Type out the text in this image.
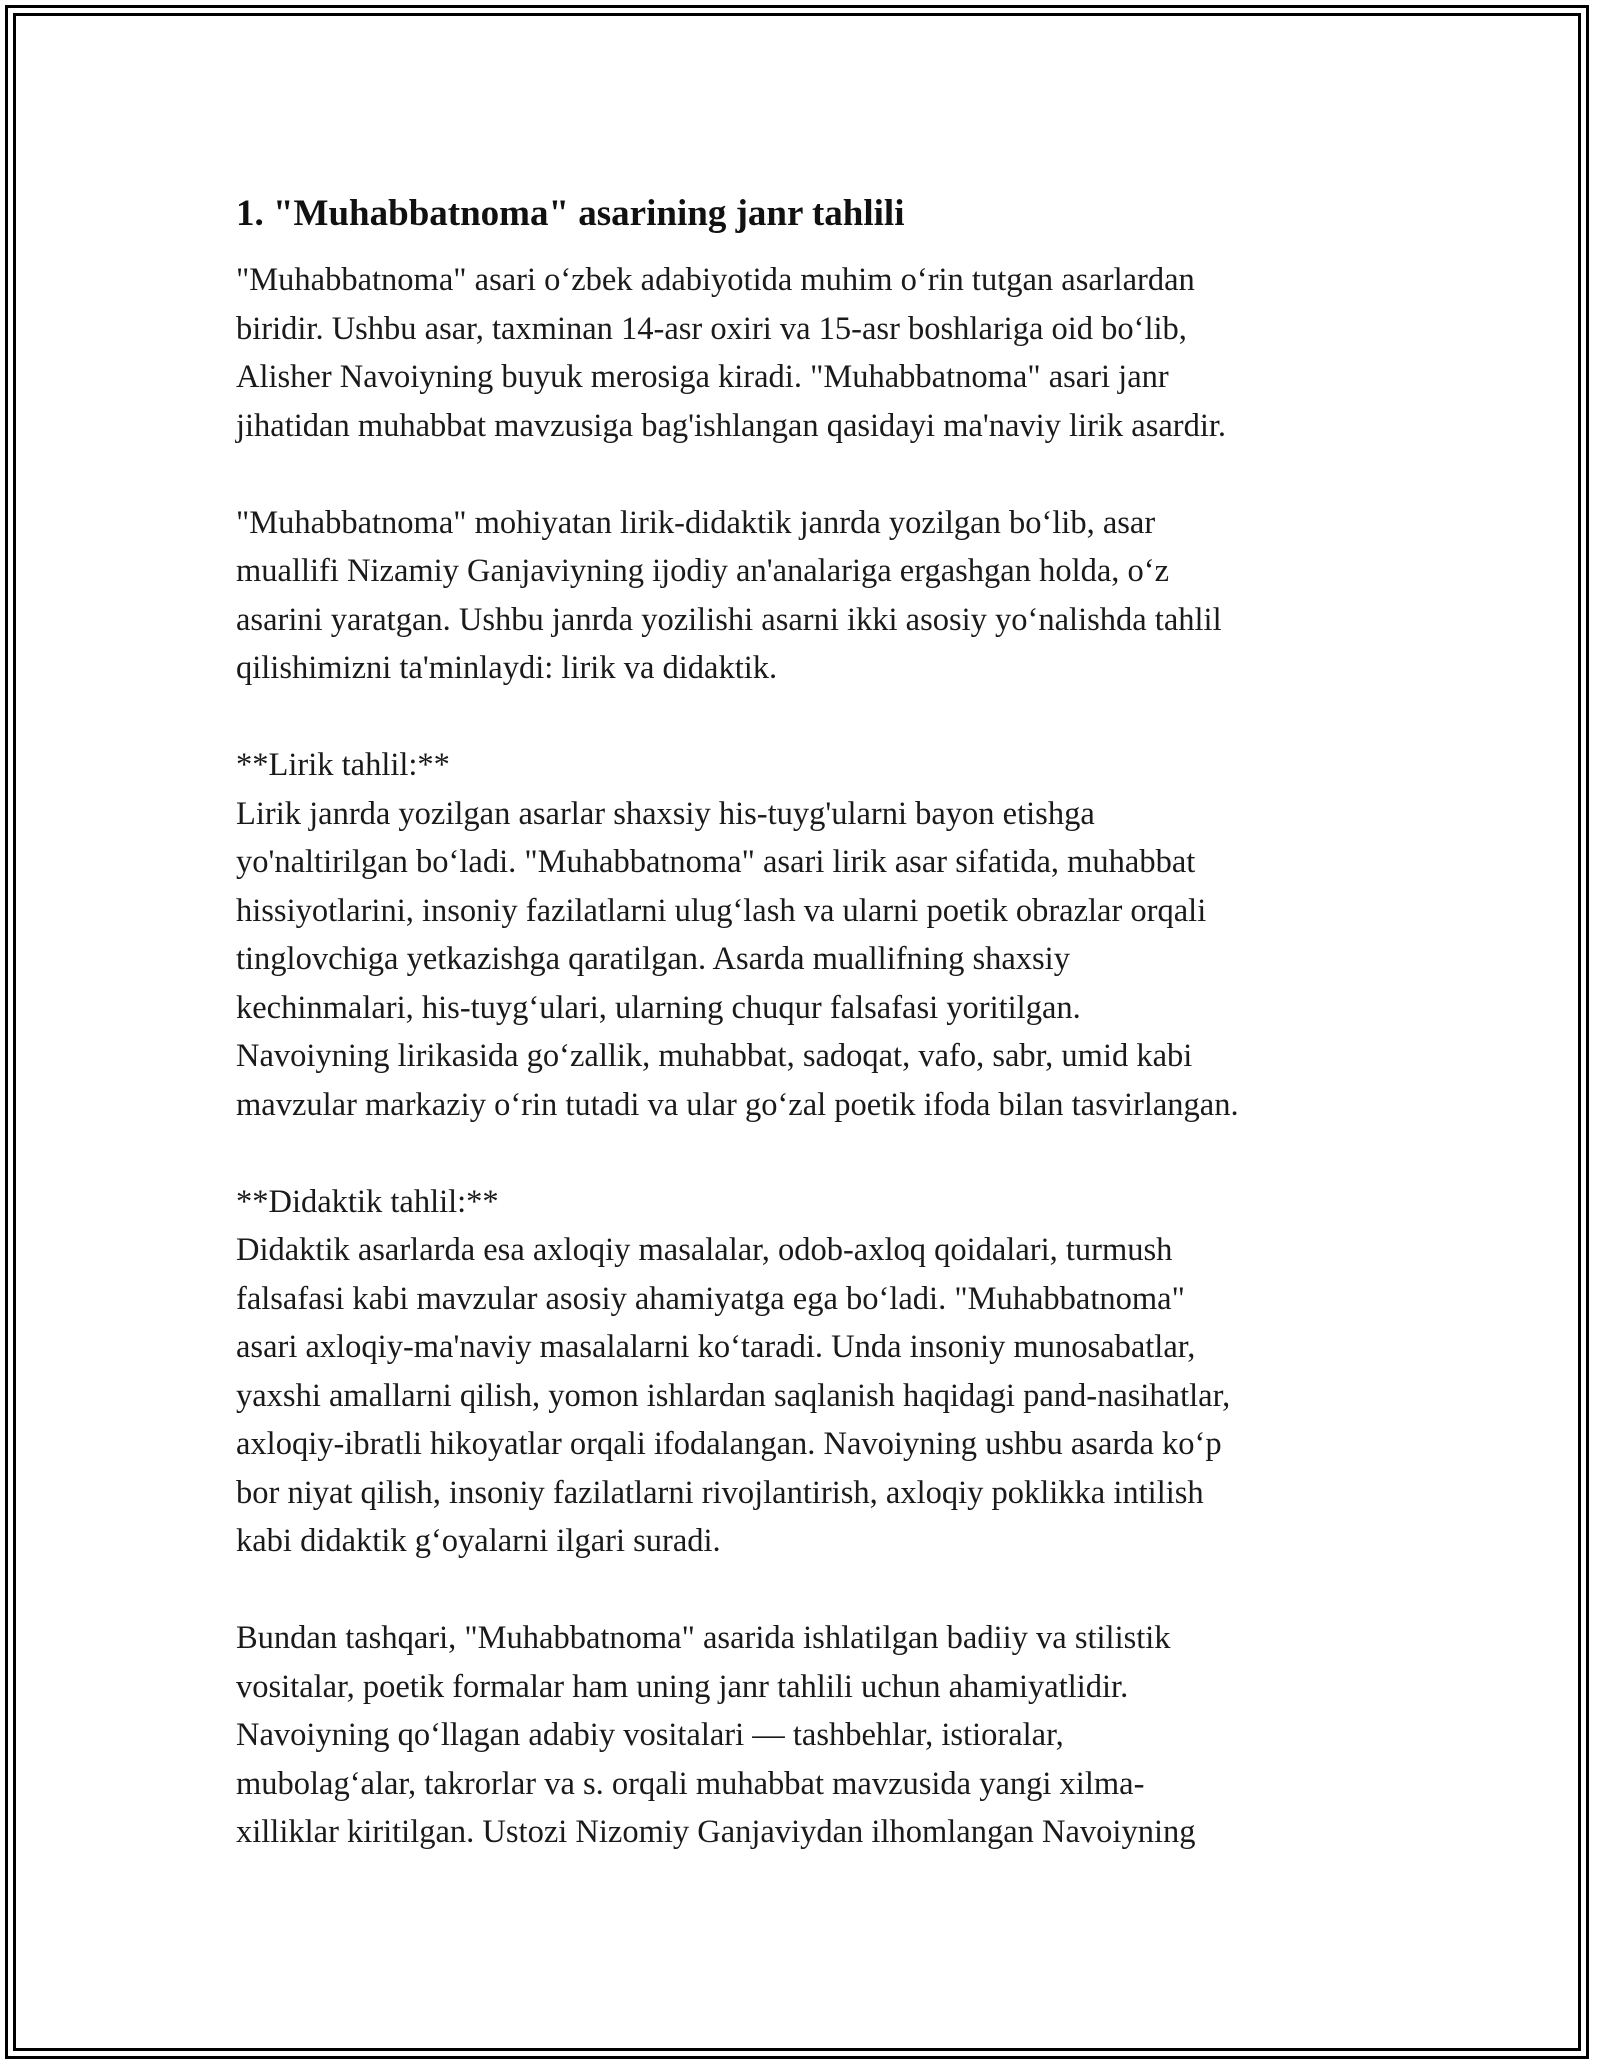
1. "Muhabbatnoma" asarining janr tahlili

"Muhabbatnoma" asari o‘zbek adabiyotida muhim o‘rin tutgan asarlardan
biridir. Ushbu asar, taxminan 14-asr oxiri va 15-asr boshlariga oid bo‘lib,
Alisher Navoiyning buyuk merosiga kiradi. "Muhabbatnoma" asari janr
jihatidan muhabbat mavzusiga bag'ishlangan qasidayi ma'naviy lirik asardir.

"Muhabbatnoma" mohiyatan lirik-didaktik janrda yozilgan bo‘lib, asar
muallifi Nizamiy Ganjaviyning ijodiy an'analariga ergashgan holda, o‘z
asarini yaratgan. Ushbu janrda yozilishi asarni ikki asosiy yo‘nalishda tahlil
qilishimizni ta'minlaydi: lirik va didaktik.

**Lirik tahlil:**
Lirik janrda yozilgan asarlar shaxsiy his-tuyg'ularni bayon etishga
yo'naltirilgan bo‘ladi. "Muhabbatnoma" asari lirik asar sifatida, muhabbat
hissiyotlarini, insoniy fazilatlarni ulug‘lash va ularni poetik obrazlar orqali
tinglovchiga yetkazishga qaratilgan. Asarda muallifning shaxsiy
kechinmalari, his-tuyg‘ulari, ularning chuqur falsafasi yoritilgan.
Navoiyning lirikasida go‘zallik, muhabbat, sadoqat, vafo, sabr, umid kabi
mavzular markaziy o‘rin tutadi va ular go‘zal poetik ifoda bilan tasvirlangan.

**Didaktik tahlil:**
Didaktik asarlarda esa axloqiy masalalar, odob-axloq qoidalari, turmush
falsafasi kabi mavzular asosiy ahamiyatga ega bo‘ladi. "Muhabbatnoma"
asari axloqiy-ma'naviy masalalarni ko‘taradi. Unda insoniy munosabatlar,
yaxshi amallarni qilish, yomon ishlardan saqlanish haqidagi pand-nasihatlar,
axloqiy-ibratli hikoyatlar orqali ifodalangan. Navoiyning ushbu asarda ko‘p
bor niyat qilish, insoniy fazilatlarni rivojlantirish, axloqiy poklikka intilish
kabi didaktik g‘oyalarni ilgari suradi.

Bundan tashqari, "Muhabbatnoma" asarida ishlatilgan badiiy va stilistik
vositalar, poetik formalar ham uning janr tahlili uchun ahamiyatlidir.
Navoiyning qo‘llagan adabiy vositalari — tashbehlar, istioralar,
mubolag‘alar, takrorlar va s. orqali muhabbat mavzusida yangi xilma-
xilliklar kiritilgan. Ustozi Nizomiy Ganjaviydan ilhomlangan Navoiyning
